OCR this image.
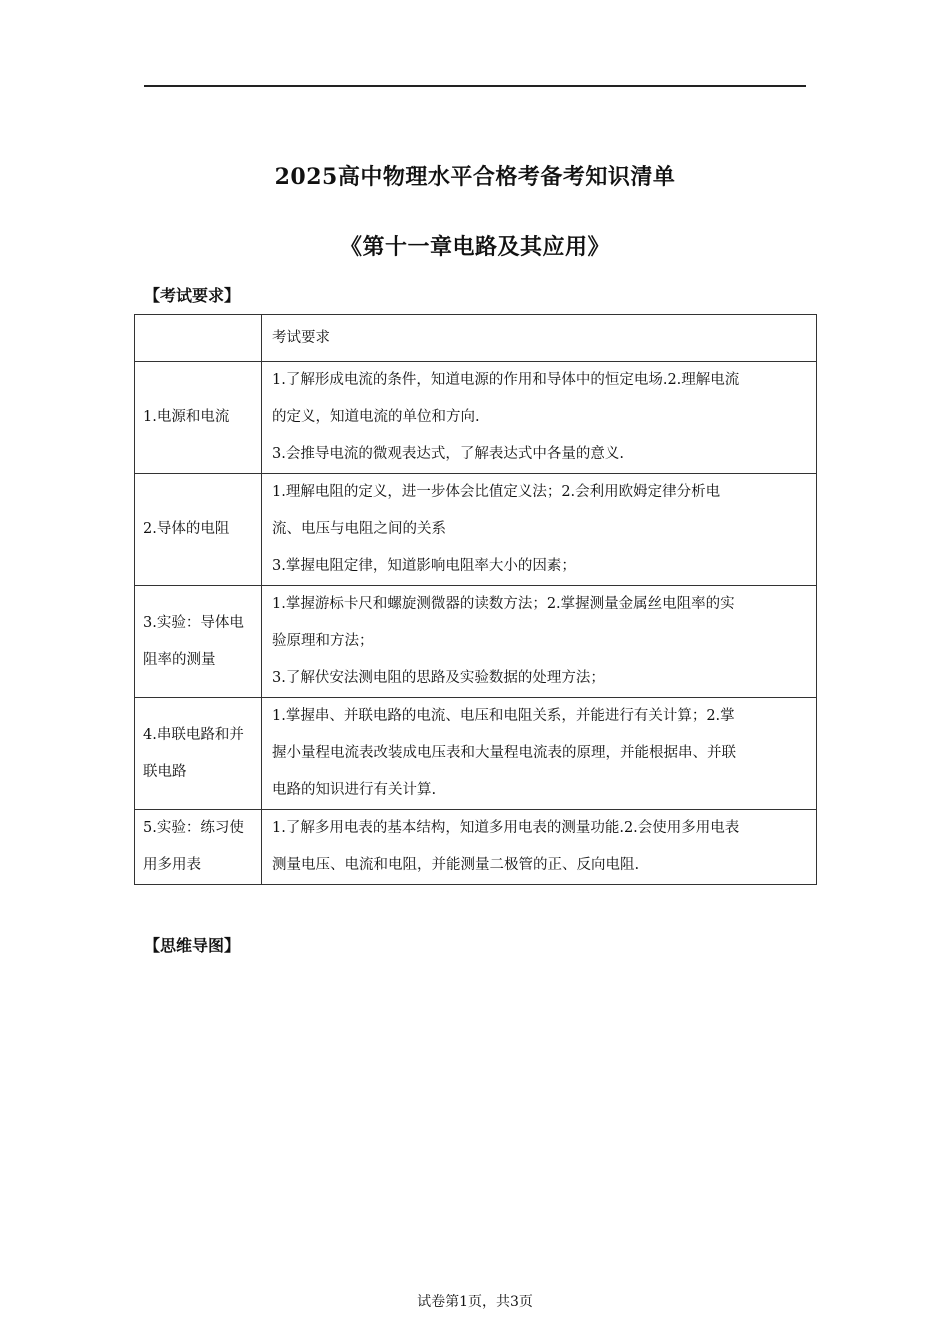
2025高中物理水平合格考备考知识清单
《第十一章电路及其应用》
【考试要求】
	考试要求
1.电源和电流	1.了解形成电流的条件，知道电源的作用和导体中的恒定电场.2.理解电流
的定义，知道电流的单位和方向.
3.会推导电流的微观表达式，了解表达式中各量的意义.

2.导体的电阻	1.理解电阻的定义，进一步体会比值定义法；2.会利用欧姆定律分析电
流、电压与电阻之间的关系
3.掌握电阻定律，知道影响电阻率大小的因素；

3.实验：导体电阻率的测量	1.掌握游标卡尺和螺旋测微器的读数方法；2.掌握测量金属丝电阻率的实
验原理和方法；
3.了解伏安法测电阻的思路及实验数据的处理方法；

4.串联电路和并联电路	1.掌握串、并联电路的电流、电压和电阻关系，并能进行有关计算；2.掌
握小量程电流表改装成电压表和大量程电流表的原理，并能根据串、并联
电路的知识进行有关计算.

5.实验：练习使用多用表	1.了解多用电表的基本结构，知道多用电表的测量功能.2.会使用多用电表
测量电压、电流和电阻，并能测量二极管的正、反向电阻.
【思维导图】
试卷第1页，共3页
